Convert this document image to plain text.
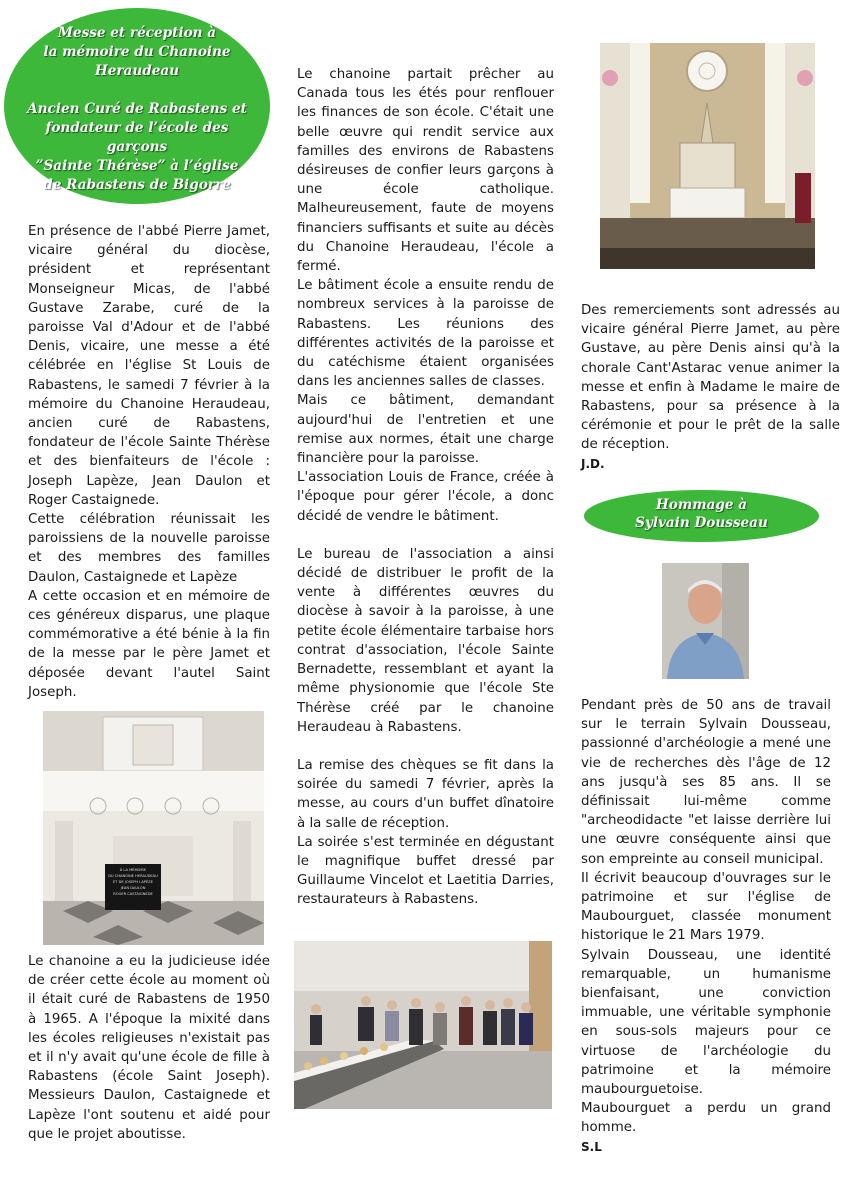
Messe et réception à
la mémoire du Chanoine
Heraudeau
Ancien Curé de Rabastens et
fondateur de l’école des
garçons
”Sainte Thérèse” à l’église
de Rabastens de Bigorre

En présence de l'abbé Pierre Jamet, vicaire général du diocèse, président et représentant Monseigneur Micas, de l'abbé Gustave Zarabe, curé de la paroisse Val d'Adour et de l'abbé Denis, vicaire, une messe a été célébrée en l'église St Louis de Rabastens, le samedi 7 février à la mémoire du Chanoine Heraudeau, ancien curé de Rabastens, fondateur de l'école Sainte Thérèse et des bienfaiteurs de l'école : Joseph Lapèze, Jean Daulon et Roger Castaignede.

Cette célébration réunissait les paroissiens de la nouvelle paroisse et des membres des familles Daulon, Castaignede et Lapèze

A cette occasion et en mémoire de ces généreux disparus, une plaque commémorative a été bénie à la fin de la messe par le père Jamet et déposée devant l'autel Saint Joseph.

À LA MÉMOIRE
DU CHANOINE HERAUDEAU
ET DE JOSEPH LAPÈZE
JEAN DAULON
ROGER CASTAIGNEDE

Le chanoine a eu la judicieuse idée de créer cette école au moment où il était curé de Rabastens de 1950 à 1965. A l'époque la mixité dans les écoles religieuses n'existait pas et il n'y avait qu'une école de fille à Rabastens (école Saint Joseph). Messieurs Daulon, Castaignede et Lapèze l'ont soutenu et aidé pour que le projet aboutisse.

Le chanoine partait prêcher au Canada tous les étés pour renflouer les finances de son école. C'était une belle œuvre qui rendit service aux familles des environs de Rabastens désireuses de confier leurs garçons à une école catholique. Malheureusement, faute de moyens financiers suffisants et suite au décès du Chanoine Heraudeau, l'école a fermé.

Le bâtiment école a ensuite rendu de nombreux services à la paroisse de Rabastens. Les réunions des différentes activités de la paroisse et du catéchisme étaient organisées dans les anciennes salles de classes.

Mais ce bâtiment, demandant aujourd'hui de l'entretien et une remise aux normes, était une charge financière pour la paroisse.

L'association Louis de France, créée à l'époque pour gérer l'école, a donc décidé de vendre le bâtiment.

Le bureau de l'association a ainsi décidé de distribuer le profit de la vente à différentes œuvres du diocèse à savoir à la paroisse, à une petite école élémentaire tarbaise hors contrat d'association, l'école Sainte Bernadette, ressemblant et ayant la même physionomie que l'école Ste Thérèse créé par le chanoine Heraudeau à Rabastens.

La remise des chèques se fit dans la soirée du samedi 7 février, après la messe, au cours d'un buffet dînatoire à la salle de réception.

La soirée s'est terminée en dégustant le magnifique buffet dressé par Guillaume Vincelot et Laetitia Darries, restaurateurs à Rabastens.

Des remerciements sont adressés au vicaire général Pierre Jamet, au père Gustave, au père Denis ainsi qu'à la chorale Cant'Astarac venue animer la messe et enfin à Madame le maire de Rabastens, pour sa présence à la cérémonie et pour le prêt de la salle de réception.

J.D.

Hommage à
Sylvain Dousseau

Pendant près de 50 ans de travail sur le terrain Sylvain Dousseau, passionné d'archéologie a mené une vie de recherches dès l'âge de 12 ans jusqu'à ses 85 ans. Il se définissait lui-même comme "archeodidacte "et laisse derrière lui une œuvre conséquente ainsi que son empreinte au conseil municipal.

Il écrivit beaucoup d'ouvrages sur le patrimoine et sur l'église de Maubourguet, classée monument historique le 21 Mars 1979.

Sylvain Dousseau, une identité remarquable, un humanisme bienfaisant, une conviction immuable, une véritable symphonie en sous-sols majeurs pour ce virtuose de l'archéologie du patrimoine et la mémoire maubourguetoise.

Maubourguet a perdu un grand homme.

S.L
